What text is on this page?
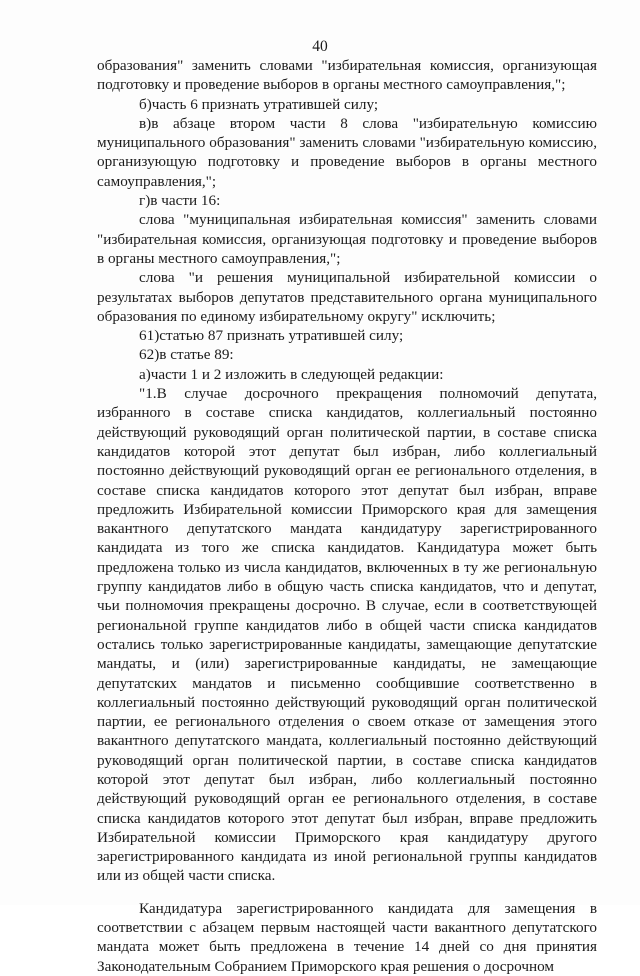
40

образования" заменить словами "избирательная комиссия, организующая подготовку и проведение выборов в органы местного самоуправления,";

б)часть 6 признать утратившей силу;

в)в абзаце втором части 8 слова "избирательную комиссию муниципального образования" заменить словами "избирательную комиссию, организующую подготовку и проведение выборов в органы местного самоуправления,";

г)в части 16:

слова "муниципальная избирательная комиссия" заменить словами "избирательная комиссия, организующая подготовку и проведение выборов в органы местного самоуправления,";

слова "и решения муниципальной избирательной комиссии о результатах выборов депутатов представительного органа муниципального образования по единому избирательному округу" исключить;

61)статью 87 признать утратившей силу;

62)в статье 89:

а)части 1 и 2 изложить в следующей редакции:

"1.В случае досрочного прекращения полномочий депутата, избранного в составе списка кандидатов, коллегиальный постоянно действующий руководящий орган политической партии, в составе списка кандидатов которой этот депутат был избран, либо коллегиальный постоянно действующий руководящий орган ее регионального отделения, в составе списка кандидатов которого этот депутат был избран, вправе предложить Избирательной комиссии Приморского края для замещения вакантного депутатского мандата кандидатуру зарегистрированного кандидата из того же списка кандидатов. Кандидатура может быть предложена только из числа кандидатов, включенных в ту же региональную группу кандидатов либо в общую часть списка кандидатов, что и депутат, чьи полномочия прекращены досрочно. В случае, если в соответствующей региональной группе кандидатов либо в общей части списка кандидатов остались только зарегистрированные кандидаты, замещающие депутатские мандаты, и (или) зарегистрированные кандидаты, не замещающие депутатских мандатов и письменно сообщившие соответственно в коллегиальный постоянно действующий руководящий орган политической партии, ее регионального отделения о своем отказе от замещения этого вакантного депутатского мандата, коллегиальный постоянно действующий руководящий орган политической партии, в составе списка кандидатов которой этот депутат был избран, либо коллегиальный постоянно действующий руководящий орган ее регионального отделения, в составе списка кандидатов которого этот депутат был избран, вправе предложить Избирательной комиссии Приморского края кандидатуру другого зарегистрированного кандидата из иной региональной группы кандидатов или из общей части списка.

Кандидатура зарегистрированного кандидата для замещения в соответствии с абзацем первым настоящей части вакантного депутатского мандата может быть предложена в течение 14 дней со дня принятия Законодательным Собранием Приморского края решения о досрочном
